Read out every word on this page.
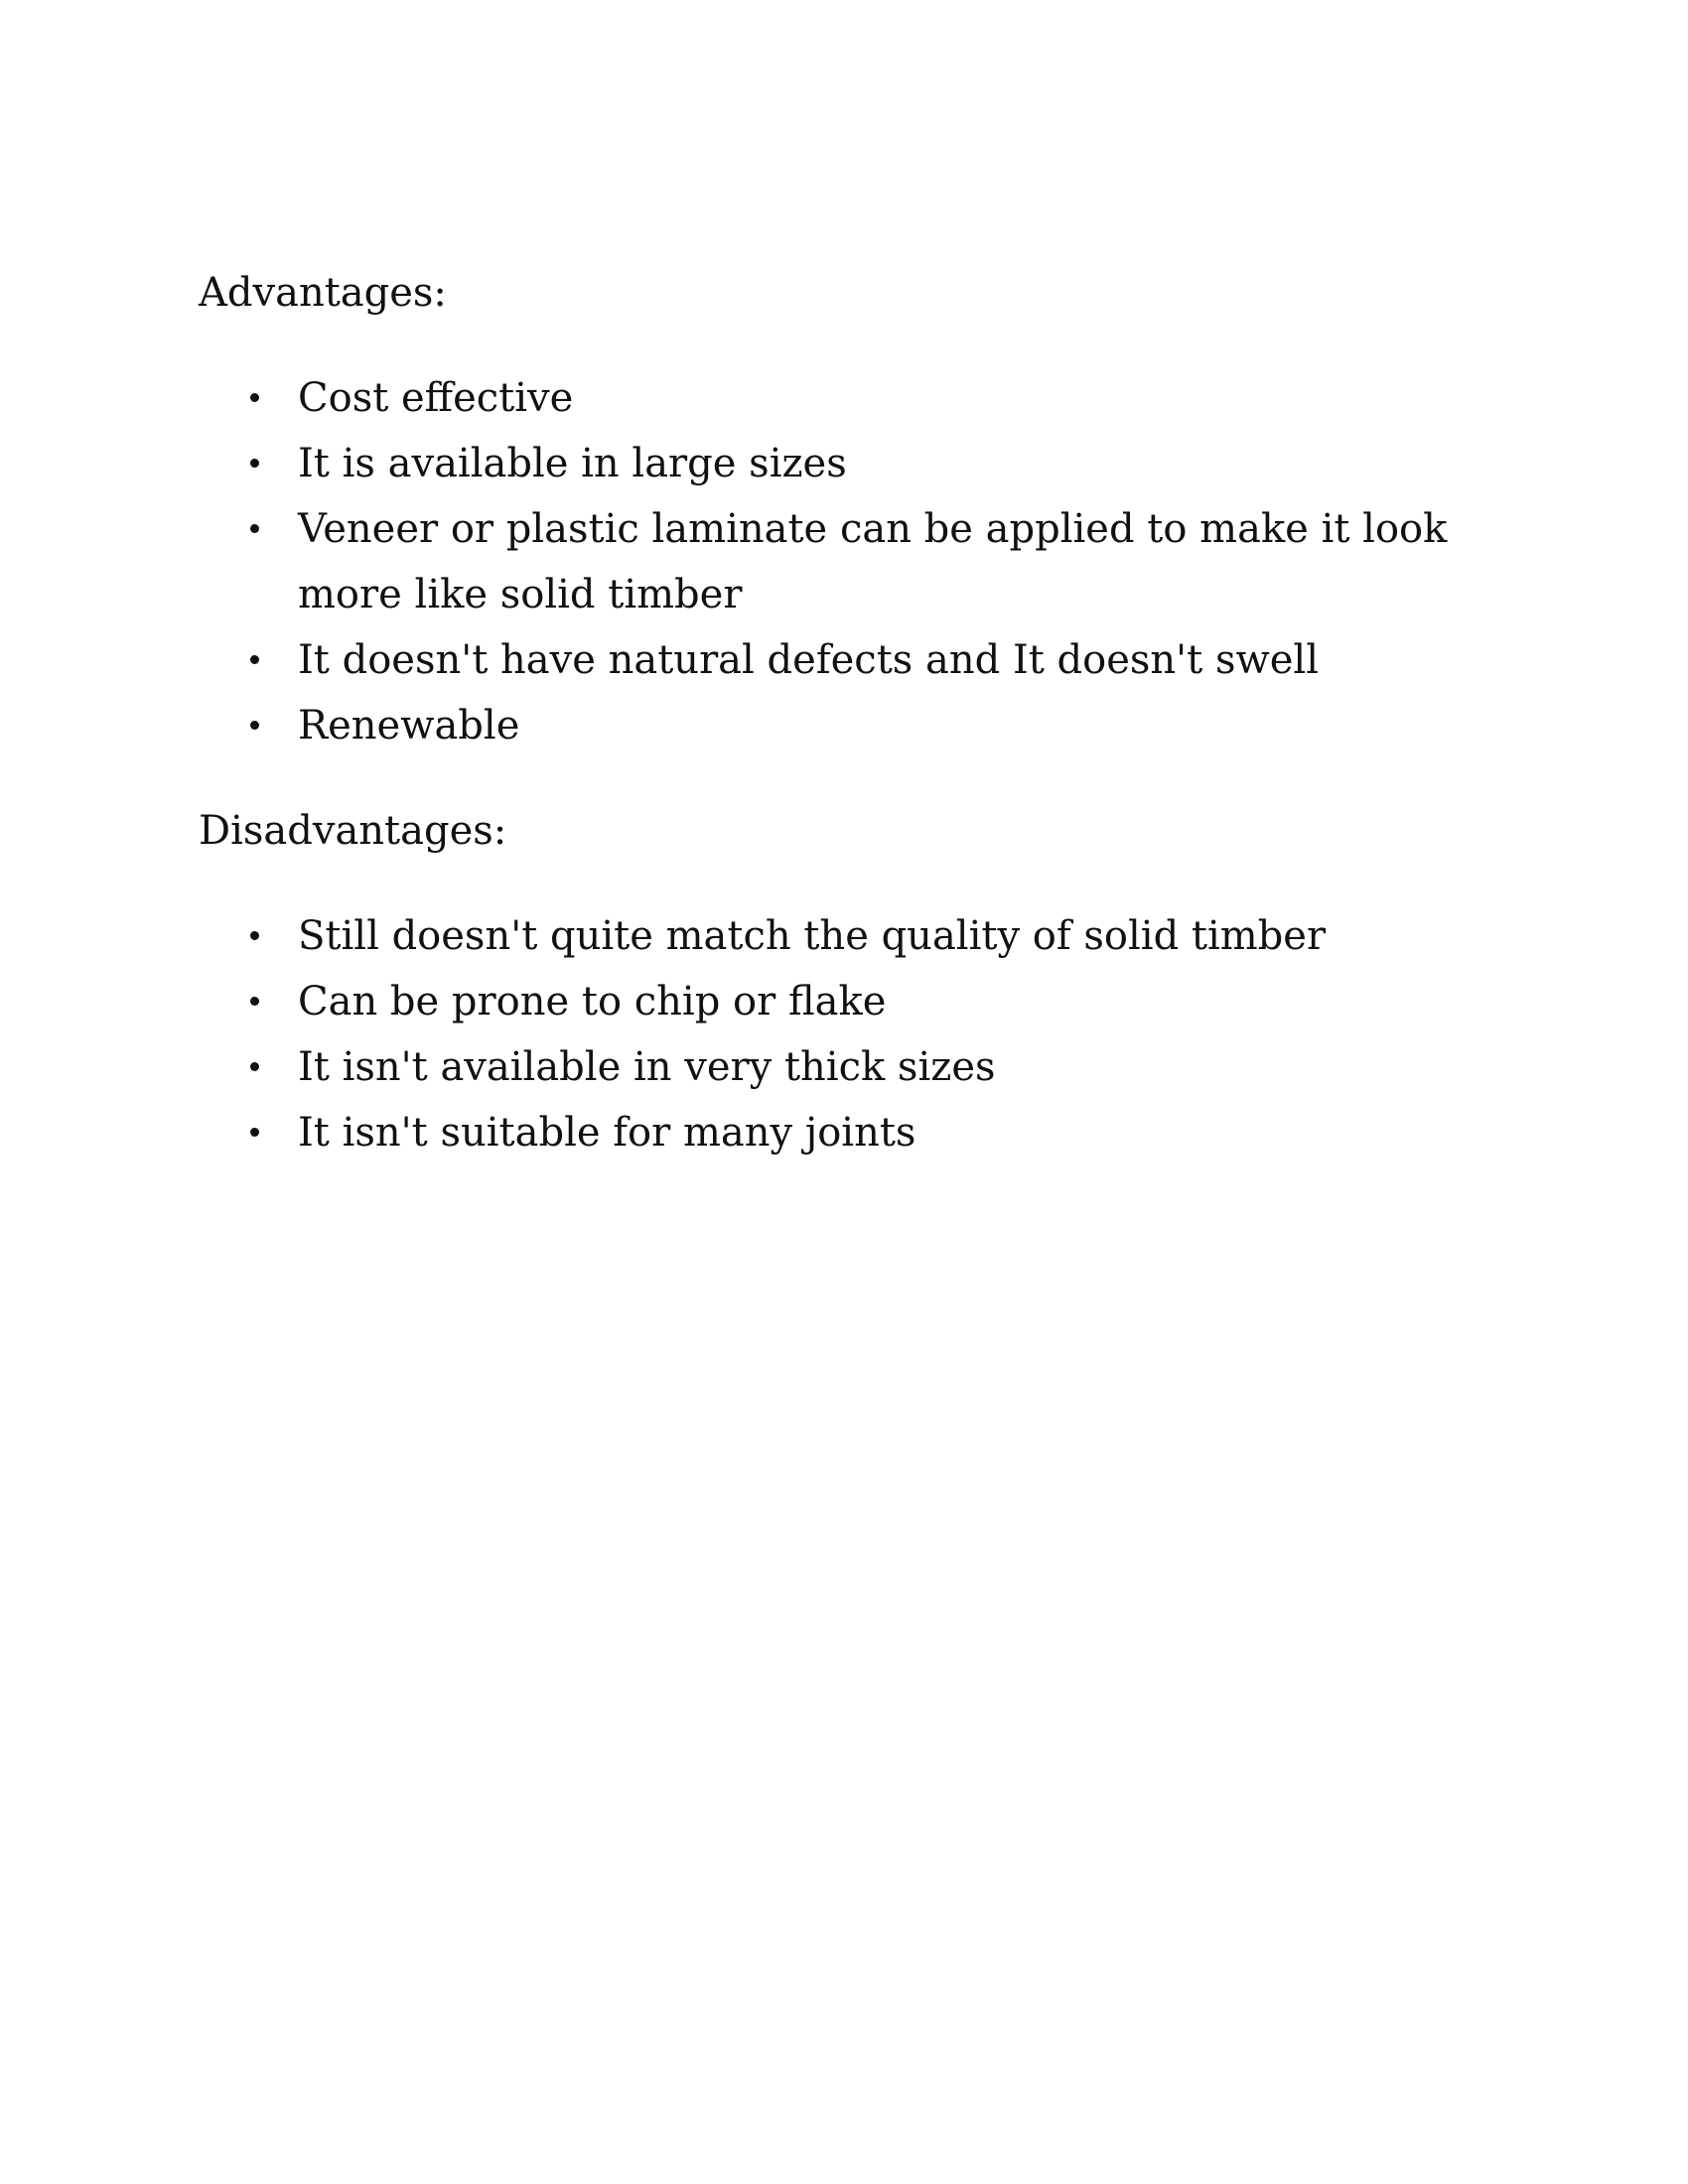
Advantages:

Cost effective
It is available in large sizes
Veneer or plastic laminate can be applied to make it look more like solid timber
It doesn't have natural defects and It doesn't swell
Renewable

Disadvantages:

Still doesn't quite match the quality of solid timber
Can be prone to chip or flake
It isn't available in very thick sizes
It isn't suitable for many joints
